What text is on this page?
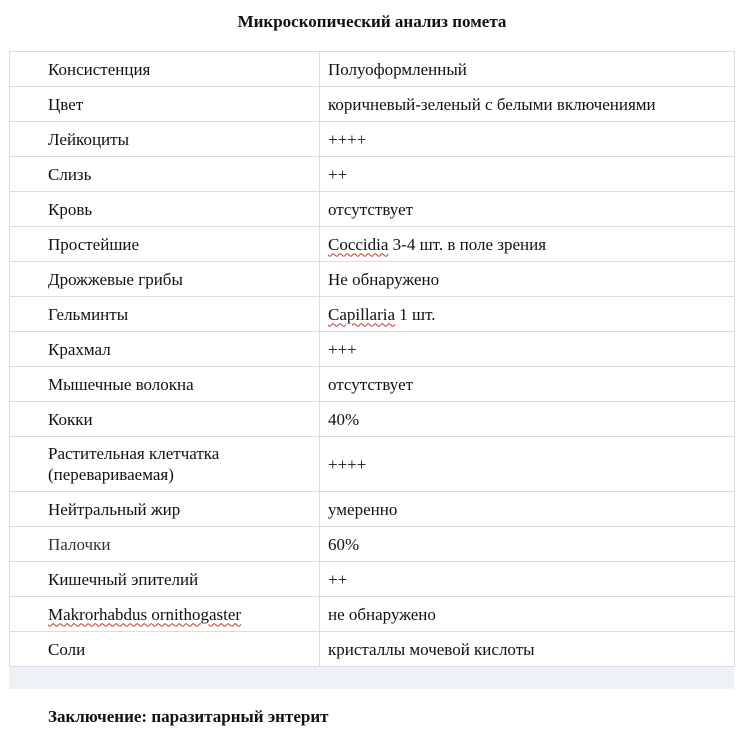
Микроскопический анализ помета
Консистенция	Полуоформленный
Цвет	коричневый-зеленый с белыми включениями
Лейкоциты	++++
Слизь	++
Кровь	отсутствует
Простейшие	Coccidia 3-4 шт. в поле зрения
Дрожжевые грибы	Не обнаружено
Гельминты	Capillaria 1 шт.
Крахмал	+++
Мышечные волокна	отсутствует
Кокки	40%
Растительная клетчатка
(перевариваемая)	++++
Нейтральный жир	умеренно
Палочки	60%
Кишечный эпителий	++
Makrorhabdus ornithogaster	не обнаружено
Соли	кристаллы мочевой кислоты
Заключение: паразитарный энтерит
